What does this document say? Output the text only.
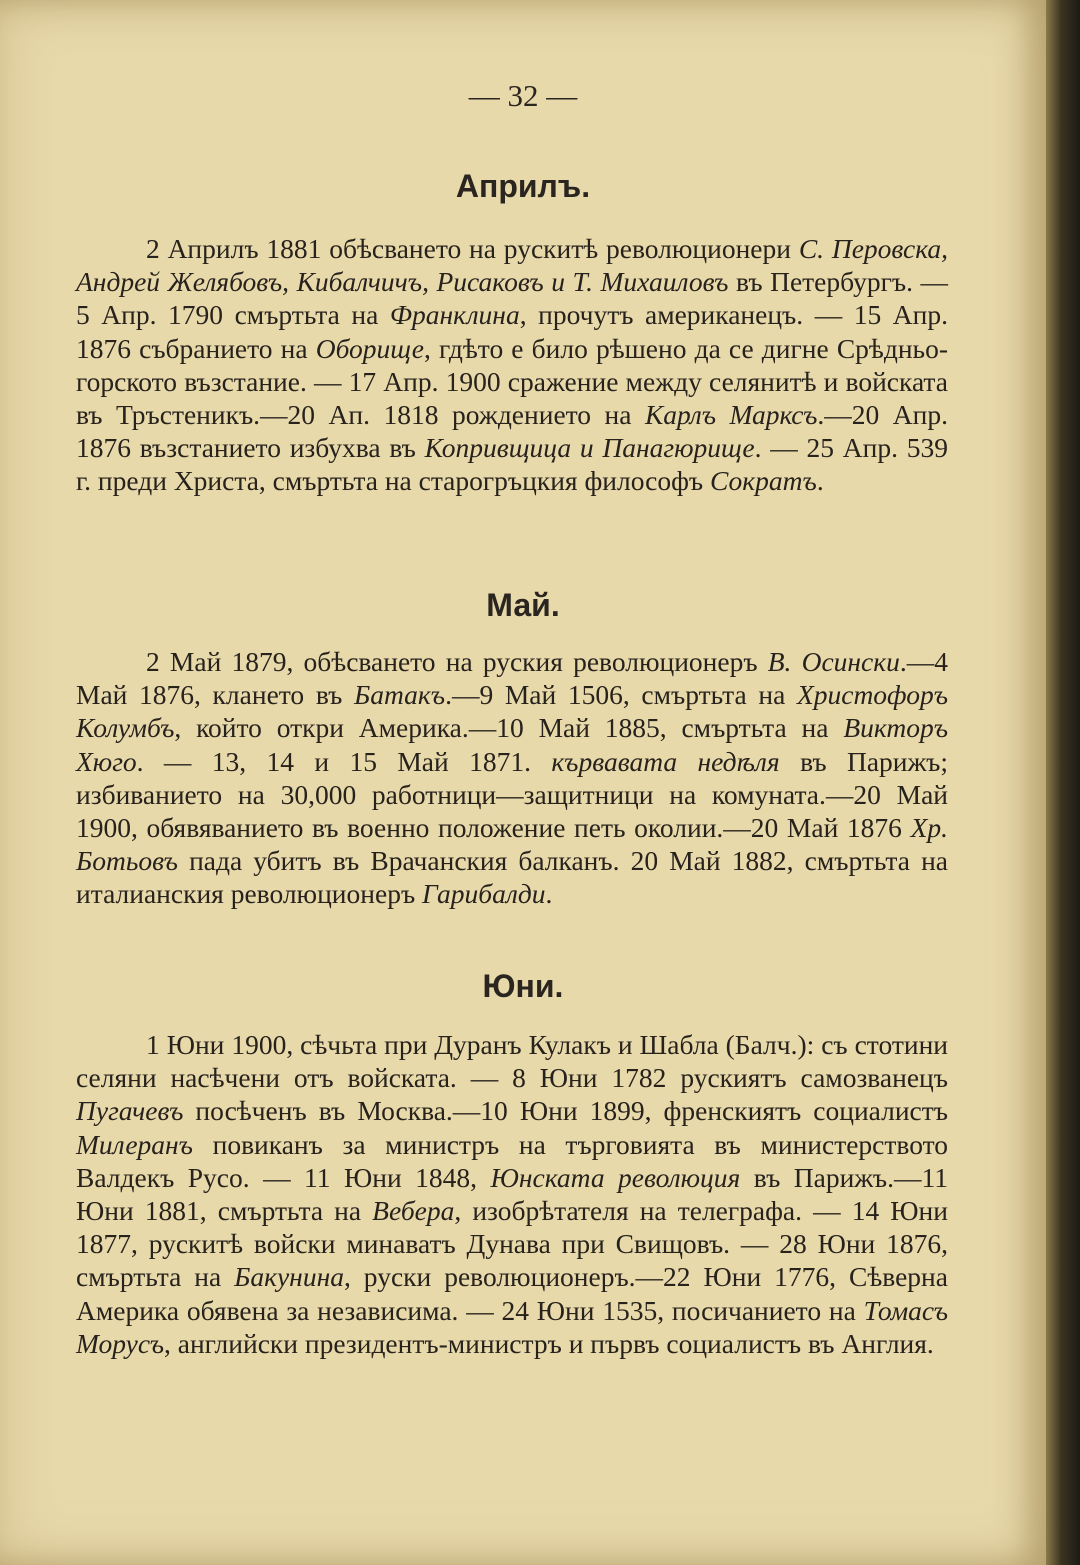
— 32 —
Априлъ.

2 Априлъ 1881 обѣсването на рускитѣ революционери С. Перовска, Андрей Желябовъ, Кибалчичъ, Рисаковъ и Т. Михаиловъ въ Петербургъ. — 5 Апр. 1790 смъртьта на Франклина, прочутъ американецъ. — 15 Апр. 1876 събранието на Оборище, гдѣто е било рѣшено да се дигне Срѣдньо-горското възстание. — 17 Апр. 1900 сражение между селянитѣ и войската въ Тръстеникъ.—20 Ап. 1818 рождението на Карлъ Марксъ.—20 Апр. 1876 възстанието избухва въ Копривщица и Панагюрище. — 25 Апр. 539 г. преди Христа, смъртьта на старогръцкия философъ Сократъ.

Май.

2 Май 1879, обѣсването на руския революционеръ В. Осински.—4 Май 1876, клането въ Батакъ.—9 Май 1506, смъртьта на Христофоръ Колумбъ, който откри Америка.—10 Май 1885, смъртьта на Викторъ Хюго. — 13, 14 и 15 Май 1871. кървавата недѣля въ Парижъ; избиванието на 30,000 работници—защитници на комуната.—20 Май 1900, обявяванието въ военно положение петь околии.—20 Май 1876 Хр. Ботьовъ пада убитъ въ Врачанския балканъ. 20 Май 1882, смъртьта на италианския революционеръ Гарибалди.

Юни.

1 Юни 1900, сѣчьта при Дуранъ Кулакъ и Шабла (Балч.): съ стотини селяни насѣчени отъ войската. — 8 Юни 1782 рускиятъ самозванецъ Пугачевъ посѣченъ въ Москва.—10 Юни 1899, френскиятъ социалистъ Милеранъ повиканъ за министръ на търговията въ министерството Валдекъ Русо. — 11 Юни 1848, Юнската революция въ Парижъ.—11 Юни 1881, смъртьта на Вебера, изобрѣтателя на телеграфа. — 14 Юни 1877, рускитѣ войски минаватъ Дунава при Свищовъ. — 28 Юни 1876, смъртьта на Бакунина, руски революционеръ.—22 Юни 1776, Сѣверна Америка обявена за независима. — 24 Юни 1535, посичанието на Томасъ Морусъ, английски президентъ-министръ и първъ социалистъ въ Англия.
